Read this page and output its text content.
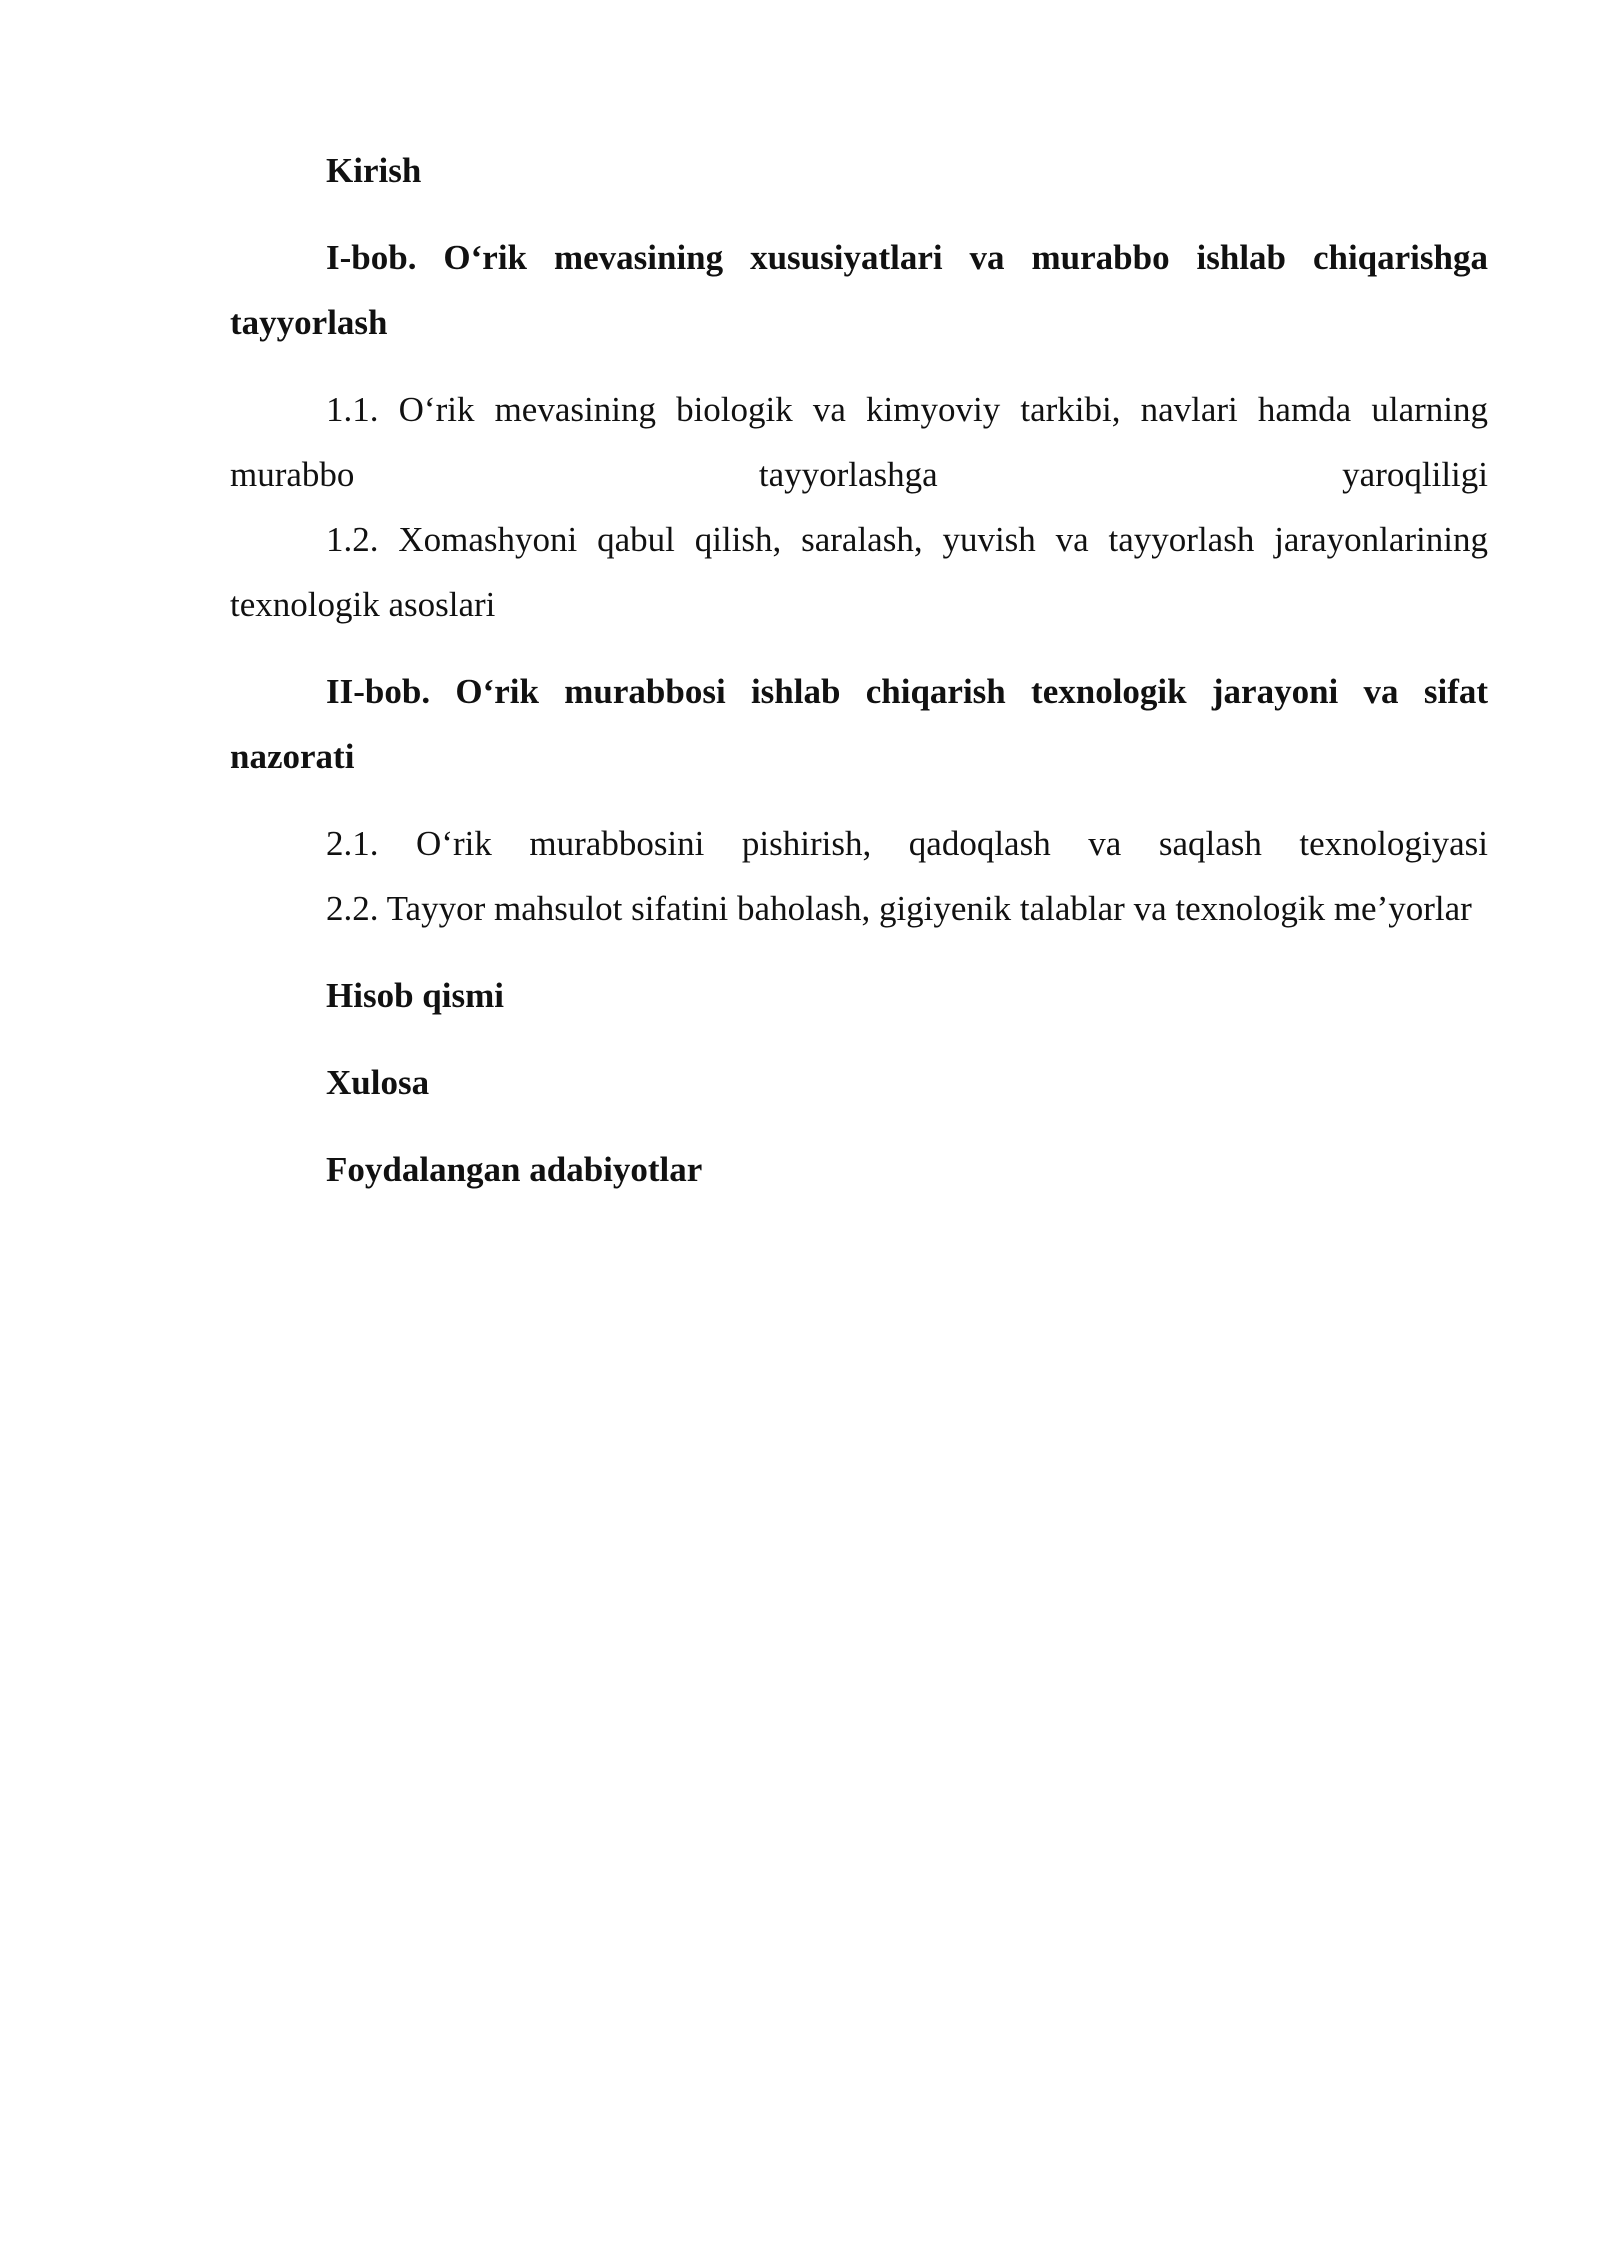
Kirish

I-bob. O‘rik mevasining xususiyatlari va murabbo ishlab chiqarishga tayyorlash

1.1. O‘rik mevasining biologik va kimyoviy tarkibi, navlari hamda ularning murabbo tayyorlashga yaroqliligi
1.2. Xomashyoni qabul qilish, saralash, yuvish va tayyorlash jarayonlarining texnologik asoslari

II-bob. O‘rik murabbosi ishlab chiqarish texnologik jarayoni va sifat nazorati

2.1. O‘rik murabbosini pishirish, qadoqlash va saqlash texnologiyasi
2.2. Tayyor mahsulot sifatini baholash, gigiyenik talablar va texnologik me’yorlar

Hisob qismi

Xulosa

Foydalangan adabiyotlar
